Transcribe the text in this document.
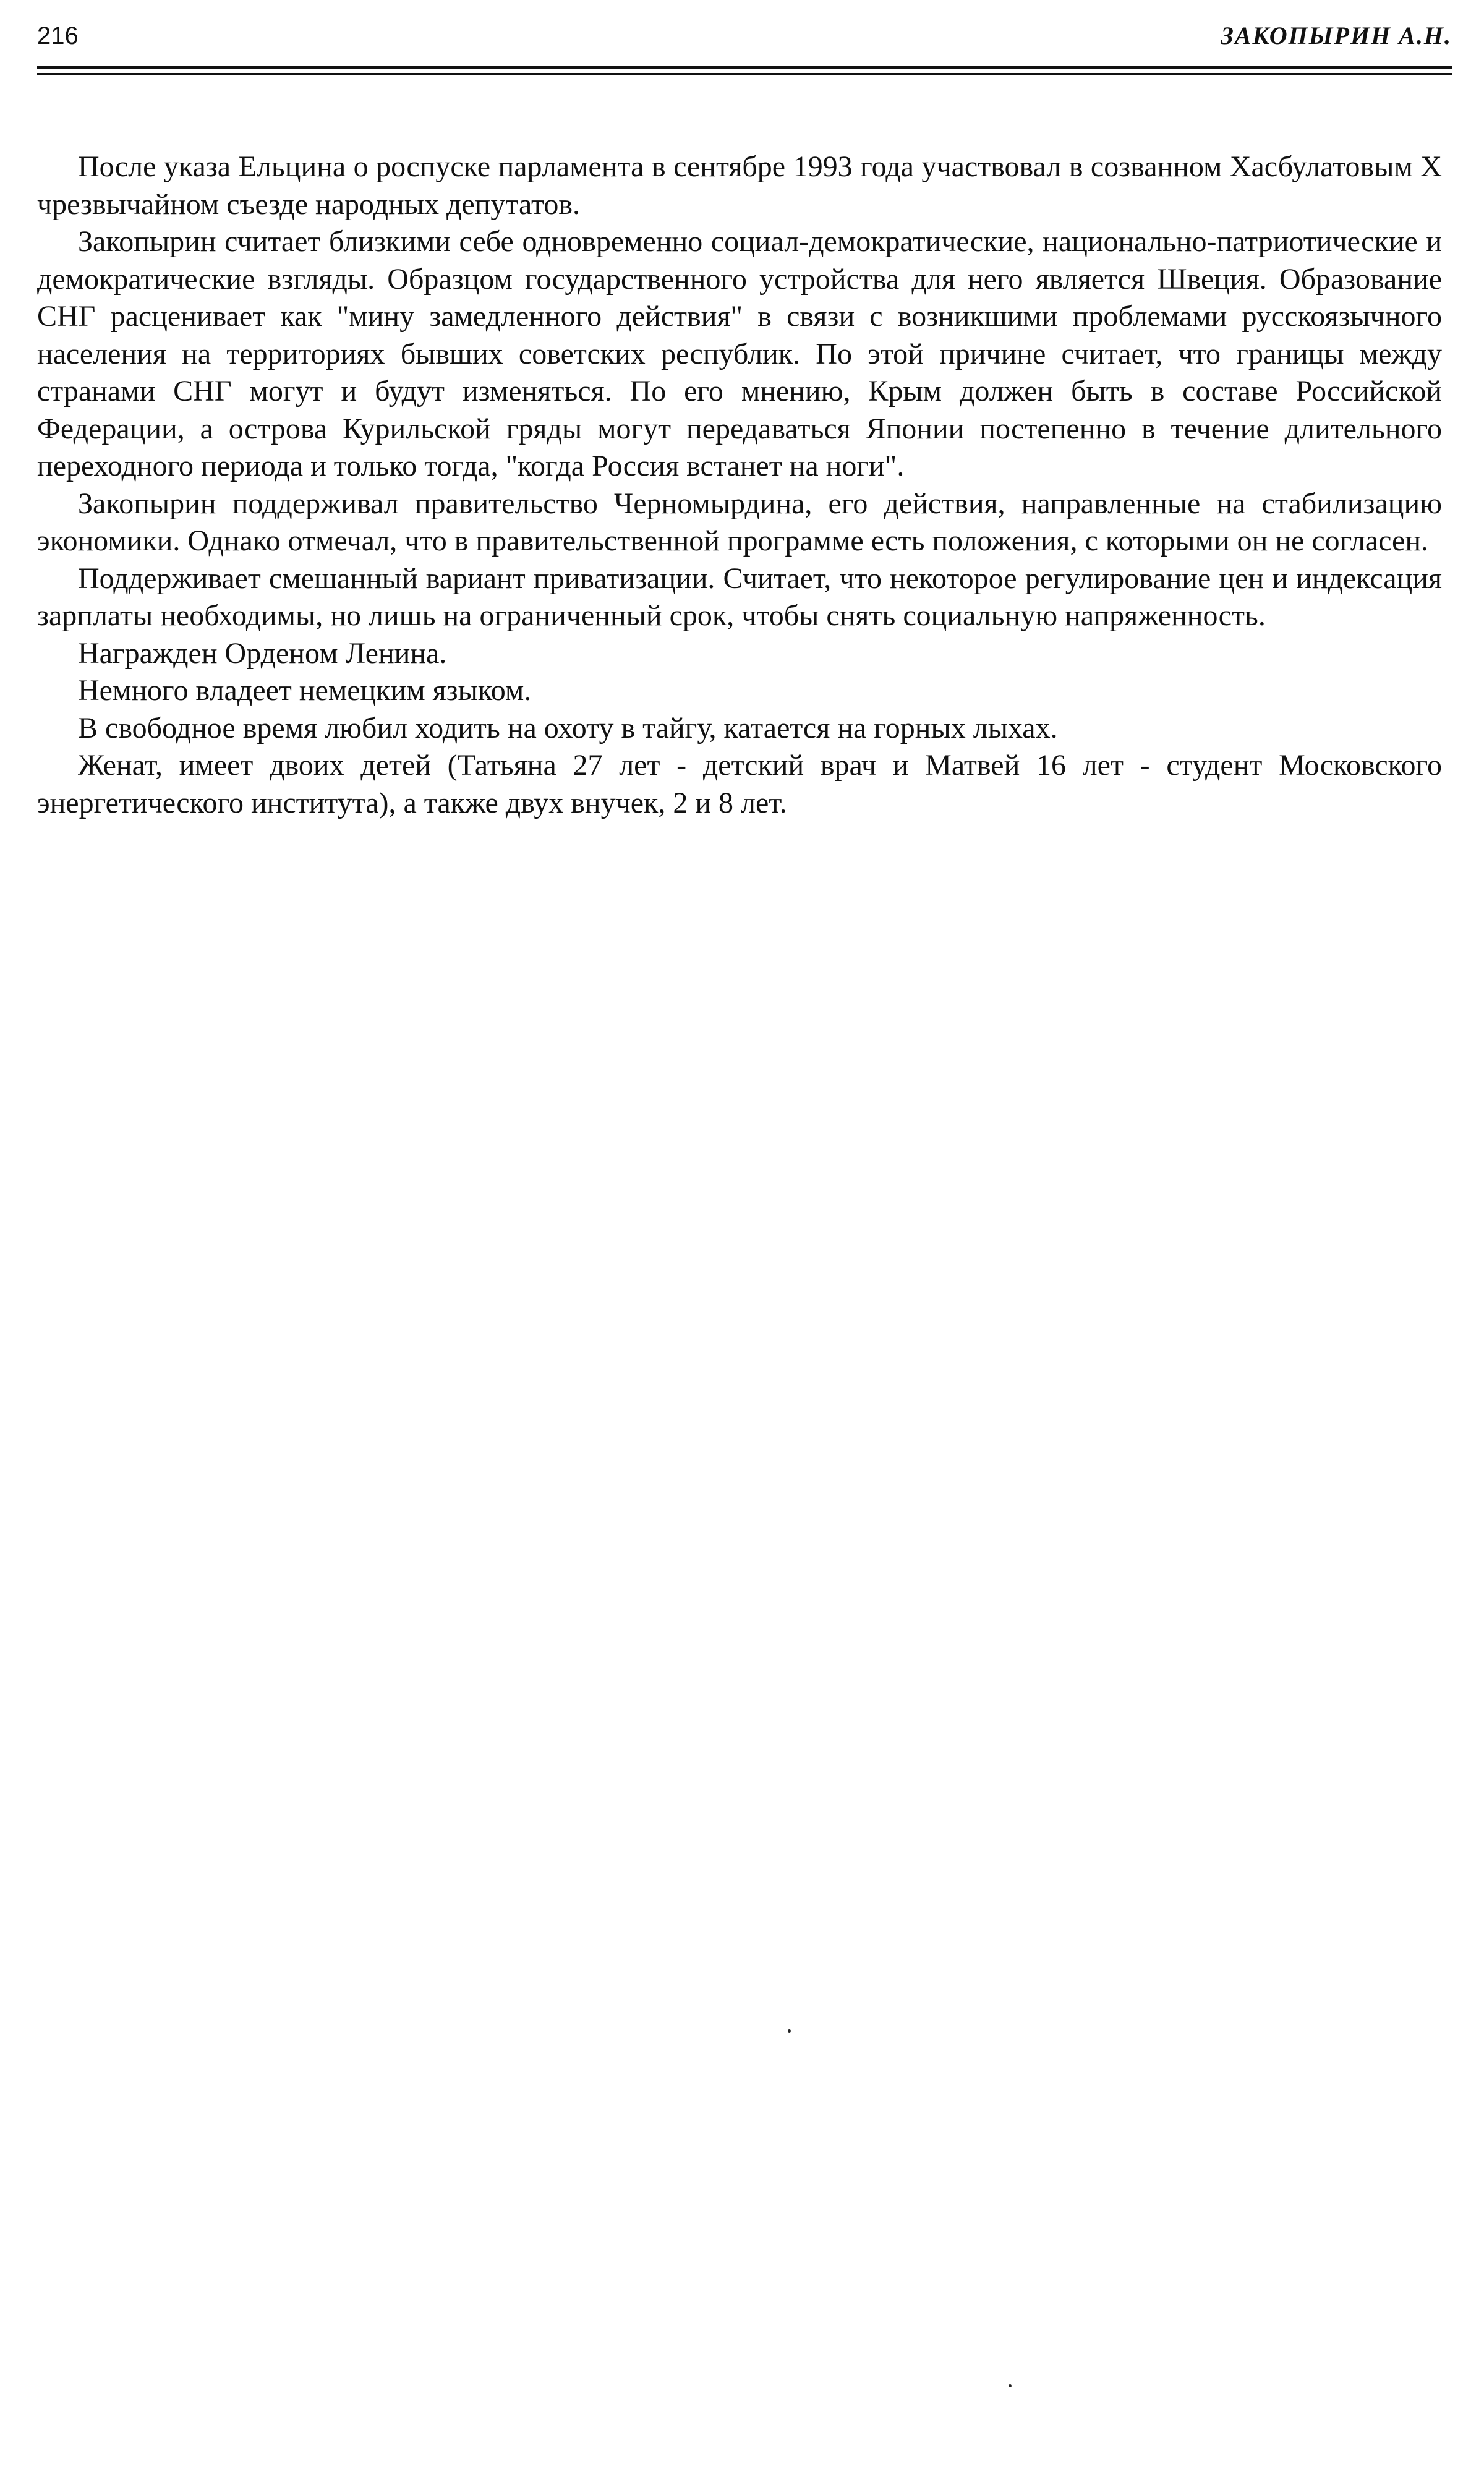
216	ЗАКОПЫРИН А.Н.

После указа Ельцина о роспуске парламента в сентябре 1993 года участвовал в созванном Хасбулатовым X чрезвычайном съезде народных депутатов.

Закопырин считает близкими себе одновременно социал-демократические, национально-патриотические и демократические взгляды. Образцом государственного устройства для него является Швеция. Образование СНГ расценивает как "мину замедленного действия" в связи с возникшими проблемами русскоязычного населения на территориях бывших советских республик. По этой причине считает, что границы между странами СНГ могут и будут изменяться. По его мнению, Крым должен быть в составе Российской Федерации, а острова Курильской гряды могут передаваться Японии постепенно в течение длительного переходного периода и только тогда, "когда Россия встанет на ноги".

Закопырин поддерживал правительство Черномырдина, его действия, направленные на стабилизацию экономики. Однако отмечал, что в правительственной программе есть положения, с которыми он не согласен.

Поддерживает смешанный вариант приватизации. Считает, что некоторое регулирование цен и индексация зарплаты необходимы, но лишь на ограниченный срок, чтобы снять социальную напряженность.

Награжден Орденом Ленина.

Немного владеет немецким языком.

В свободное время любил ходить на охоту в тайгу, катается на горных лыхах.

Женат, имеет двоих детей (Татьяна 27 лет - детский врач и Матвей 16 лет - студент Московского энергетического института), а также двух внучек, 2 и 8 лет.
